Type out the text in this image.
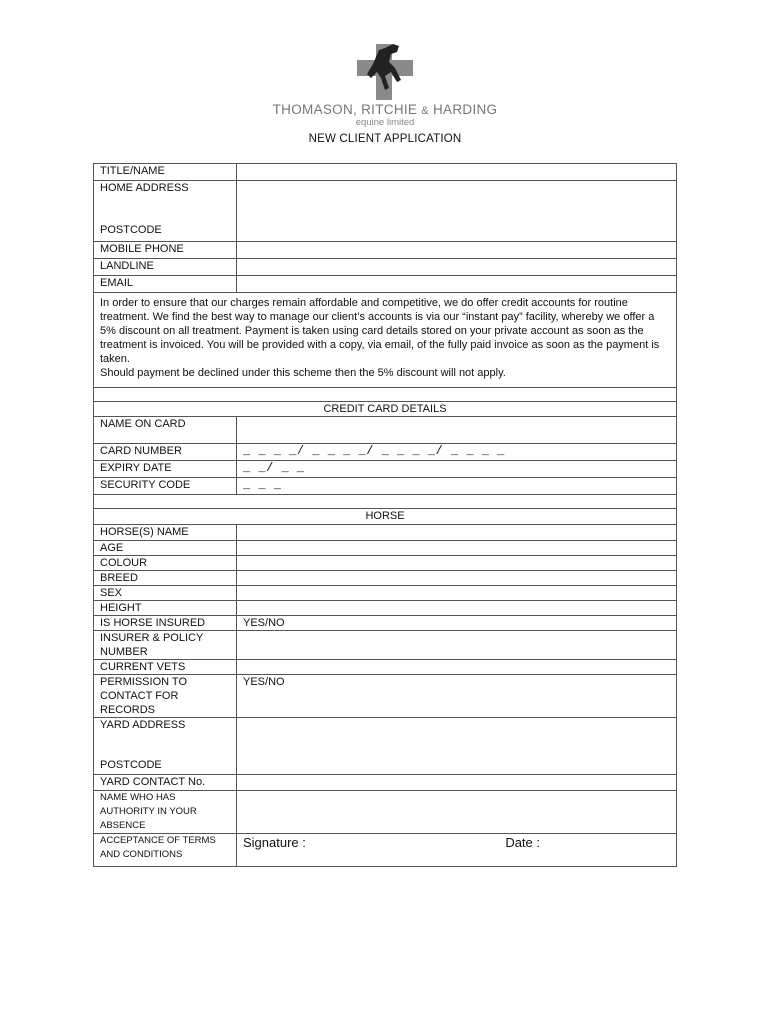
THOMASON, RITCHIE & HARDING
equine limited
NEW CLIENT APPLICATION
TITLE/NAME	

HOME ADDRESS
POSTCODE	

MOBILE PHONE	
LANDLINE	
EMAIL	

In order to ensure that our charges remain affordable and competitive, we do offer credit accounts for routine treatment. We find the best way to manage our client’s accounts is via our “instant pay” facility, whereby we offer a 5% discount on all treatment. Payment is taken using card details stored on your private account as soon as the treatment is invoiced. You will be provided with a copy, via email, of the fully paid invoice as soon as the payment is taken.
Should payment be declined under this scheme then the 5% discount will not apply.	

CREDIT CARD DETAILS	
NAME ON CARD	
CARD NUMBER	_ _ _ _/ _ _ _ _/ _ _ _ _/ _ _ _ _
EXPIRY DATE	_ _/ _ _
SECURITY CODE	_ _ _

HORSE	
HORSE(S) NAME	
AGE	
COLOUR	
BREED	
SEX	
HEIGHT	
IS HORSE INSURED	YES/NO
INSURER & POLICY NUMBER	
CURRENT VETS	
PERMISSION TO CONTACT FOR RECORDS	YES/NO

YARD ADDRESS
POSTCODE	

YARD CONTACT No.	
NAME WHO HAS AUTHORITY IN YOUR ABSENCE	
ACCEPTANCE OF TERMS AND CONDITIONS	Signature : Date :
